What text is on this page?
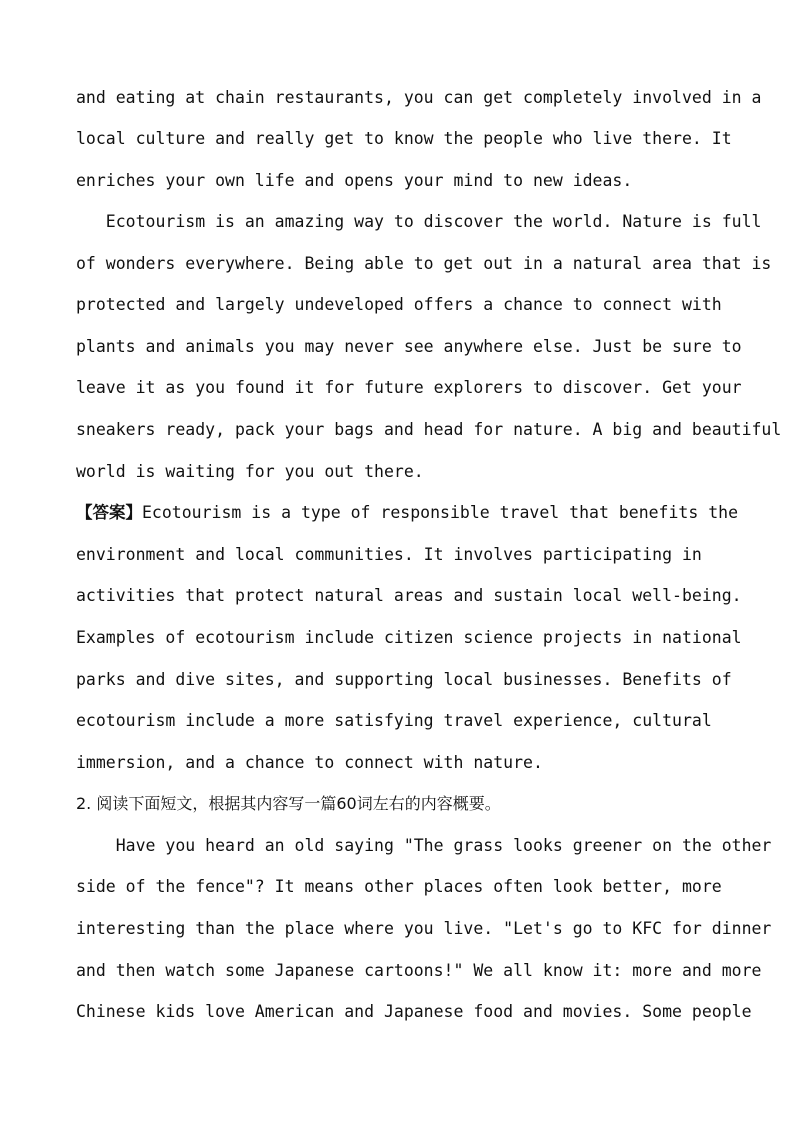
and eating at chain restaurants, you can get completely involved in a
local culture and really get to know the people who live there. It
enriches your own life and opens your mind to new ideas.
Ecotourism is an amazing way to discover the world. Nature is full
of wonders everywhere. Being able to get out in a natural area that is
protected and largely undeveloped offers a chance to connect with
plants and animals you may never see anywhere else. Just be sure to
leave it as you found it for future explorers to discover. Get your
sneakers ready, pack your bags and head for nature. A big and beautiful
world is waiting for you out there.
【答案】Ecotourism is a type of responsible travel that benefits the
environment and local communities. It involves participating in
activities that protect natural areas and sustain local well-being.
Examples of ecotourism include citizen science projects in national
parks and dive sites, and supporting local businesses. Benefits of
ecotourism include a more satisfying travel experience, cultural
immersion, and a chance to connect with nature.
2. 阅读下面短文，根据其内容写一篇60词左右的内容概要。
Have you heard an old saying "The grass looks greener on the other
side of the fence"? It means other places often look better, more
interesting than the place where you live. "Let's go to KFC for dinner
and then watch some Japanese cartoons!" We all know it: more and more
Chinese kids love American and Japanese food and movies. Some people
